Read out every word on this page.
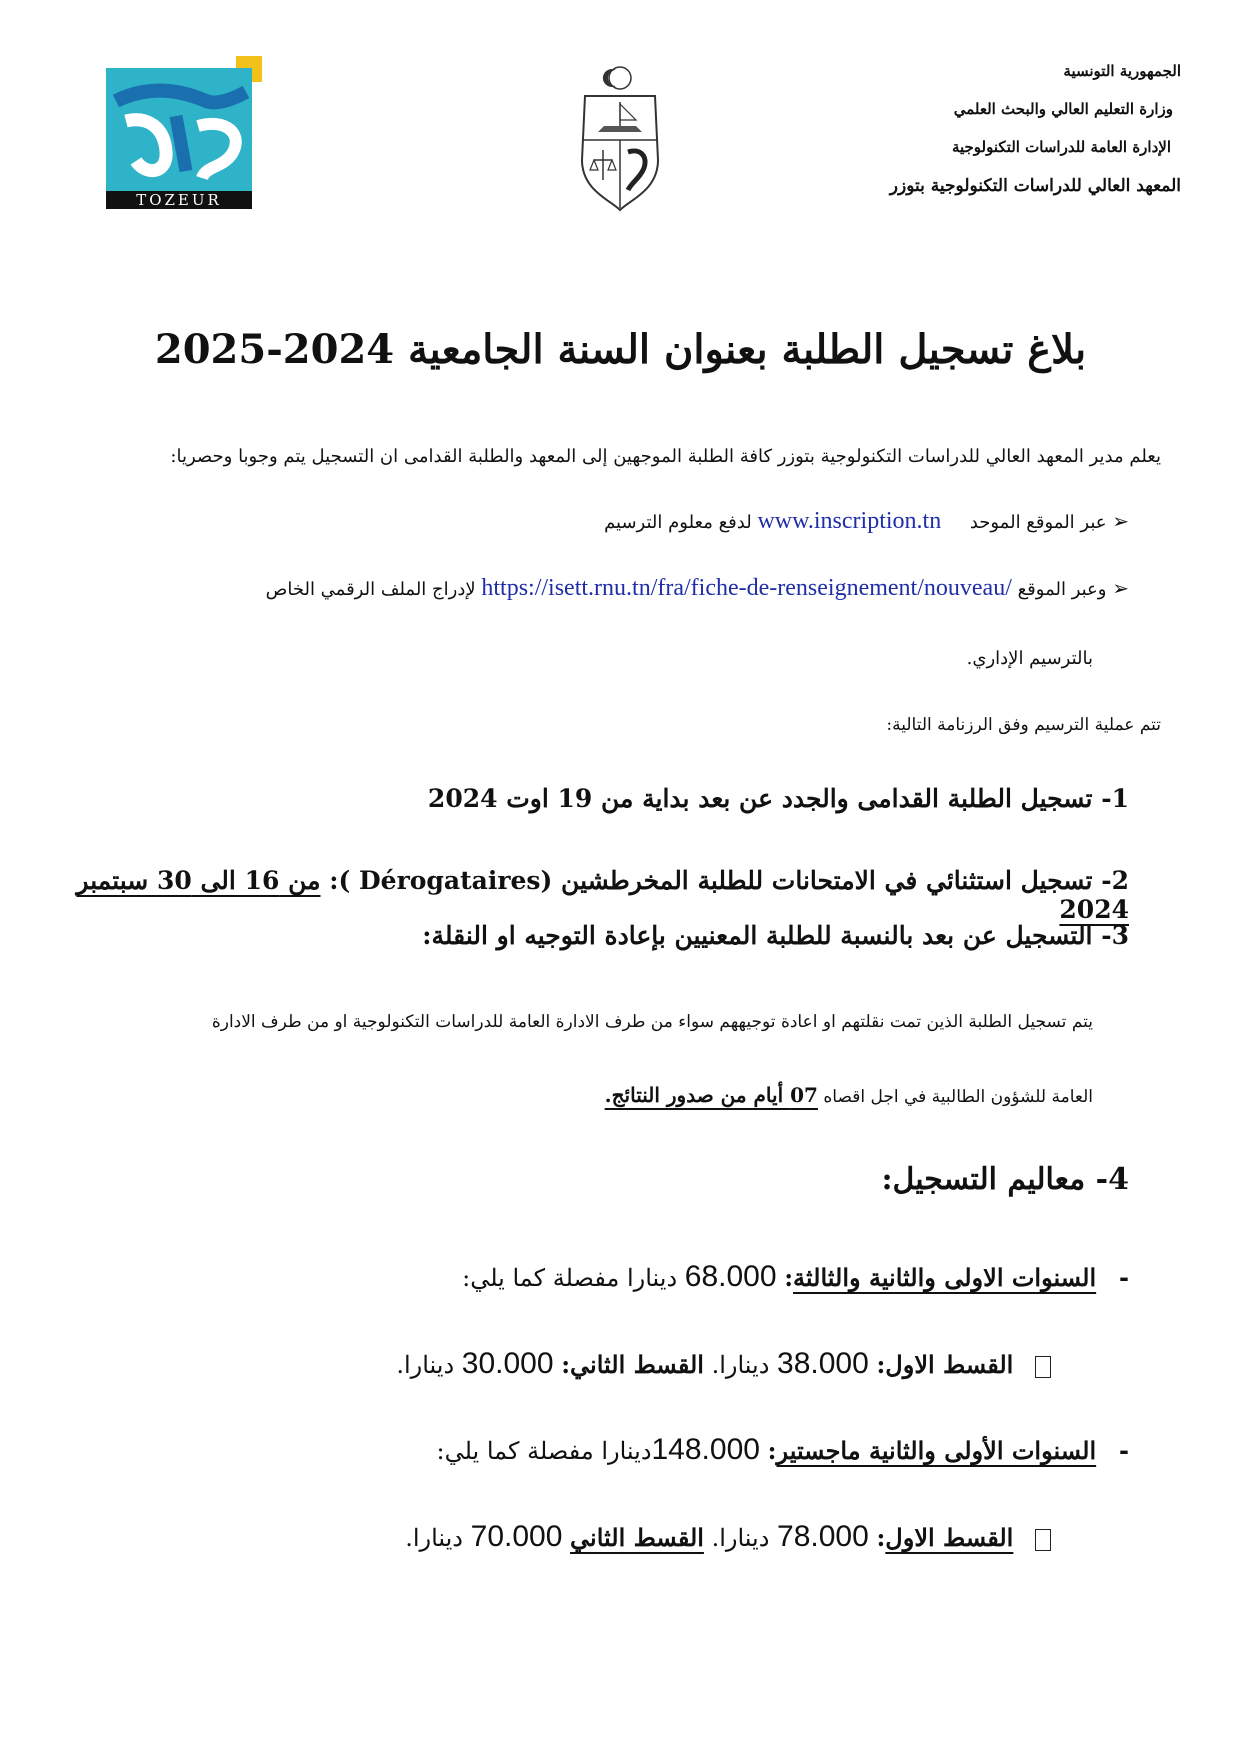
الجمهورية التونسية
وزارة التعليم العالي والبحث العلمي
الإدارة العامة للدراسات التكنولوجية
المعهد العالي للدراسات التكنولوجية بتوزر
TOZEUR
بلاغ تسجيل الطلبة بعنوان السنة الجامعية 2024-2025
يعلم مدير المعهد العالي للدراسات التكنولوجية بتوزر كافة الطلبة الموجهين إلى المعهد والطلبة القدامى ان التسجيل يتم وجوبا وحصريا:
➢ عبر الموقع الموحد     www.inscription.tn لدفع معلوم الترسيم
➢ وعبر الموقع https://isett.rnu.tn/fra/fiche-de-renseignement/nouveau/ لإدراج الملف الرقمي الخاص
بالترسيم الإداري.
تتم عملية الترسيم وفق الرزنامة التالية:
1- تسجيل الطلبة القدامى والجدد عن بعد بداية من 19 اوت 2024
2- تسجيل استثنائي في الامتحانات للطلبة المخرطشين (Dérogataires ): من 16 الى 30 سبتمبر 2024
3- التسجيل عن بعد بالنسبة للطلبة المعنيين بإعادة التوجيه او النقلة:
يتم تسجيل الطلبة الذين تمت نقلتهم او اعادة توجيههم سواء من طرف الادارة العامة للدراسات التكنولوجية او من طرف الادارة
العامة للشؤون الطالبية في اجل اقصاه 07 أيام من صدور النتائج.
4- معاليم التسجيل:
-   السنوات الاولى والثانية والثالثة: 68.000 دينارا مفصلة كما يلي:
القسط الاول: 38.000 دينارا. القسط الثاني: 30.000 دينارا.
-   السنوات الأولى والثانية ماجستير: 148.000دينارا مفصلة كما يلي:
القسط الاول: 78.000 دينارا. القسط الثاني 70.000 دينارا.
